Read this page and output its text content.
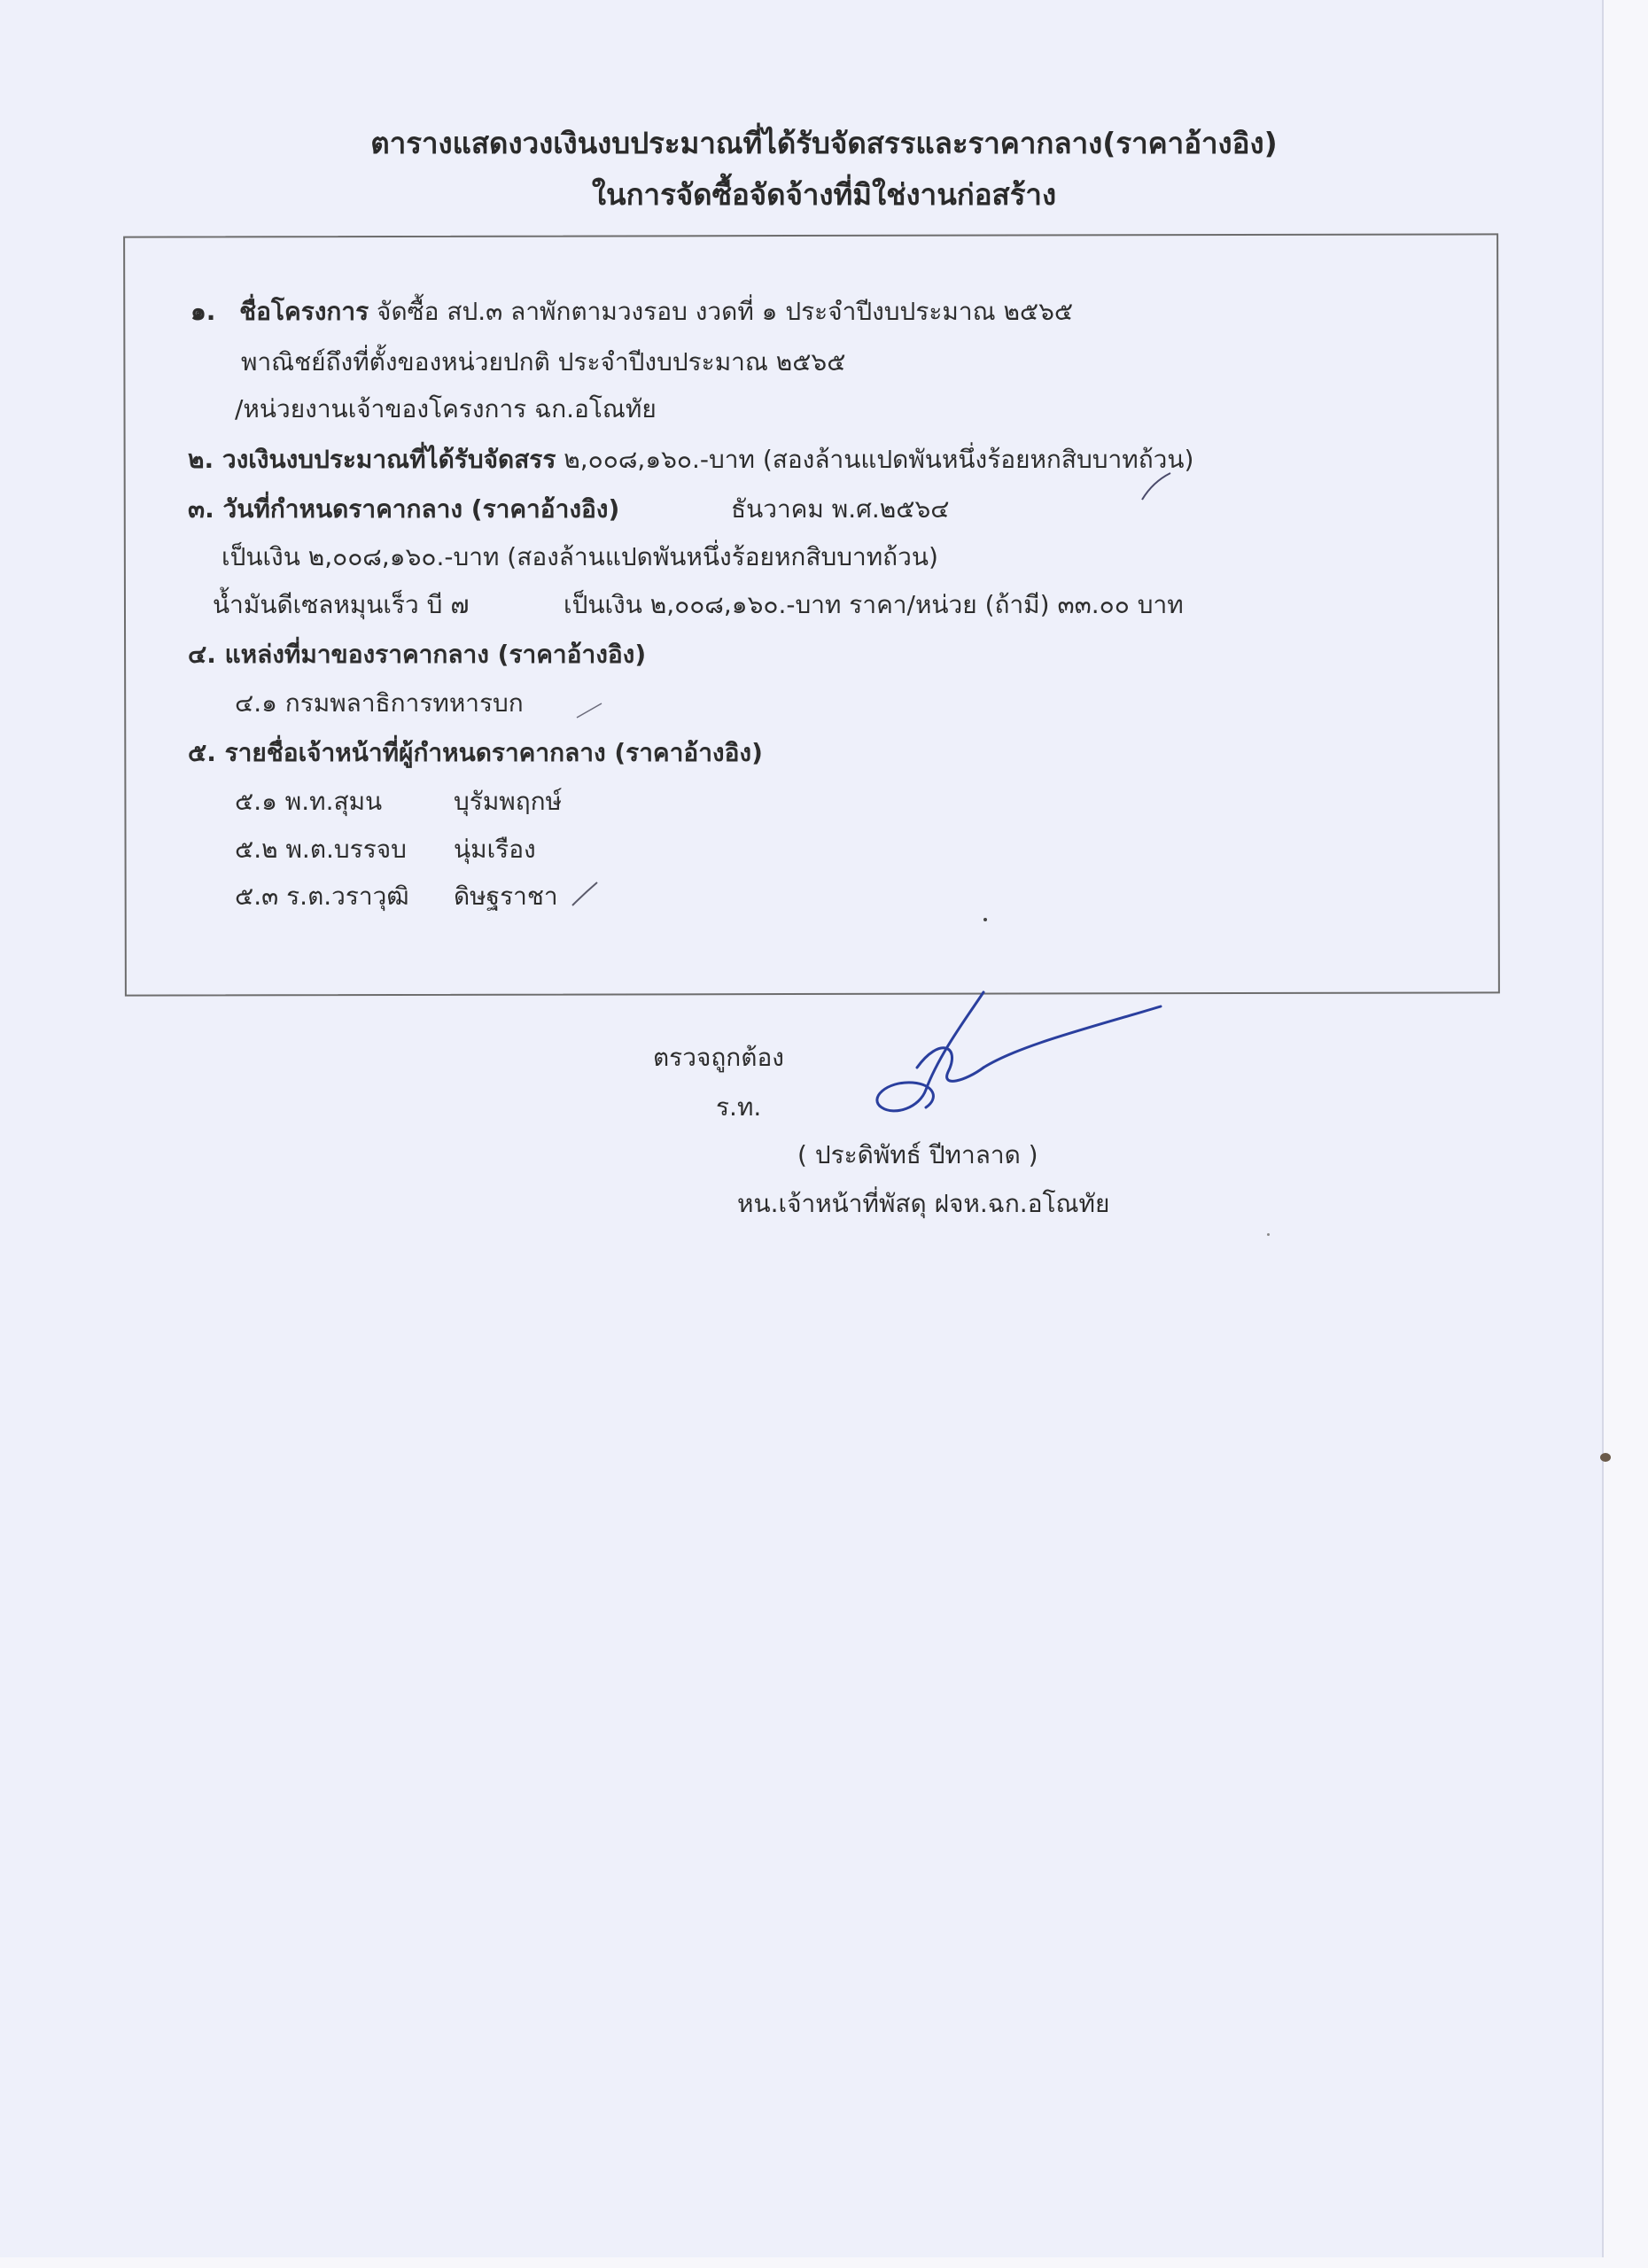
ตารางแสดงวงเงินงบประมาณที่ได้รับจัดสรรและราคากลาง(ราคาอ้างอิง)
ในการจัดซื้อจัดจ้างที่มิใช่งานก่อสร้าง
๑. ชื่อโครงการ จัดซื้อ สป.๓ ลาพักตามวงรอบ งวดที่ ๑ ประจำปีงบประมาณ ๒๕๖๕
พาณิชย์ถึงที่ตั้งของหน่วยปกติ ประจำปีงบประมาณ ๒๕๖๕
/หน่วยงานเจ้าของโครงการ ฉก.อโณทัย
๒. วงเงินงบประมาณที่ได้รับจัดสรร ๒,๐๐๘,๑๖๐.-บาท (สองล้านแปดพันหนึ่งร้อยหกสิบบาทถ้วน)
๓. วันที่กำหนดราคากลาง (ราคาอ้างอิง)	ธันวาคม พ.ศ.๒๕๖๔
เป็นเงิน ๒,๐๐๘,๑๖๐.-บาท (สองล้านแปดพันหนึ่งร้อยหกสิบบาทถ้วน)
น้ำมันดีเซลหมุนเร็ว บี ๗	เป็นเงิน ๒,๐๐๘,๑๖๐.-บาท ราคา/หน่วย (ถ้ามี) ๓๓.๐๐ บาท
๔. แหล่งที่มาของราคากลาง (ราคาอ้างอิง)
๔.๑ กรมพลาธิการทหารบก
๕. รายชื่อเจ้าหน้าที่ผู้กำหนดราคากลาง (ราคาอ้างอิง)
๕.๑ พ.ท.สุมน	บุรัมพฤกษ์
๕.๒ พ.ต.บรรจบ นุ่มเรือง
๕.๓ ร.ต.วราวุฒิ ดิษฐราชา
ตรวจถูกต้อง
ร.ท.
( ประดิพัทธ์ ปีทาลาด )
หน.เจ้าหน้าที่พัสดุ ฝจห.ฉก.อโณทัย
